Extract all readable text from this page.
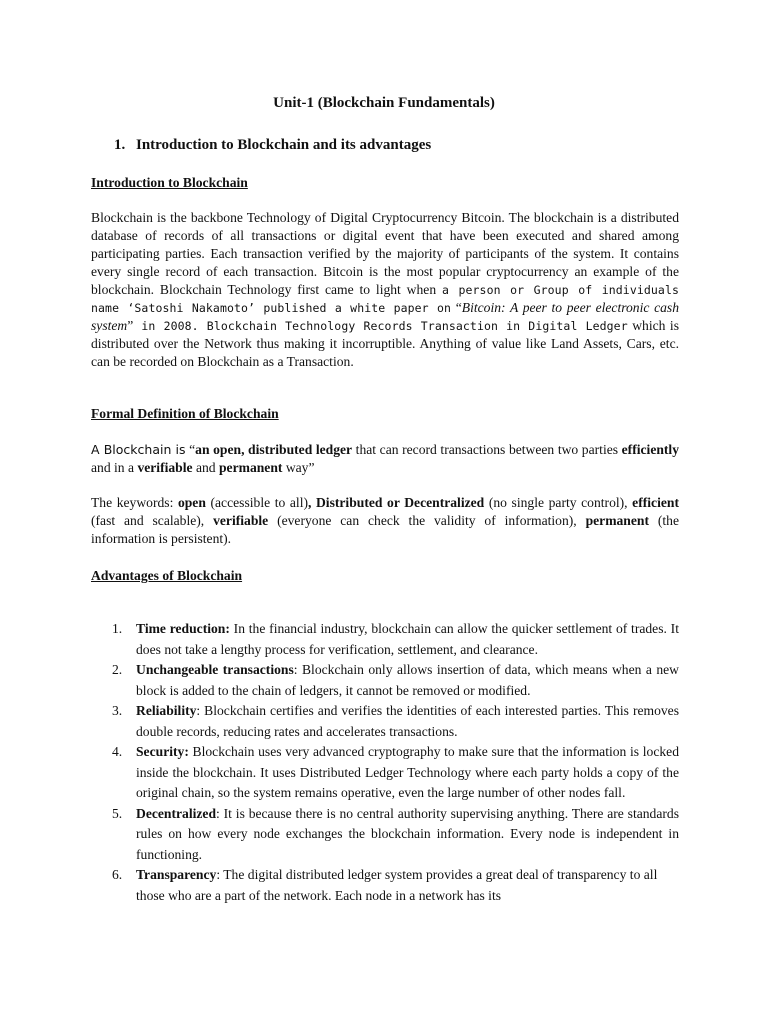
Unit-1 (Blockchain Fundamentals)
1. Introduction to Blockchain and its advantages
Introduction to Blockchain

Blockchain is the backbone Technology of Digital Cryptocurrency Bitcoin. The blockchain is a distributed database of records of all transactions or digital event that have been executed and shared among participating parties. Each transaction verified by the majority of participants of the system. It contains every single record of each transaction. Bitcoin is the most popular cryptocurrency an example of the blockchain. Blockchain Technology first came to light when a person or Group of individuals name ‘Satoshi Nakamoto’ published a white paper on “Bitcoin: A peer to peer electronic cash system” in 2008. Blockchain Technology Records Transaction in Digital Ledger which is distributed over the Network thus making it incorruptible. Anything of value like Land Assets, Cars, etc. can be recorded on Blockchain as a Transaction.

Formal Definition of Blockchain

A Blockchain is “an open, distributed ledger that can record transactions between two parties efficiently and in a verifiable and permanent way”

The keywords: open (accessible to all), Distributed or Decentralized (no single party control), efficient (fast and scalable), verifiable (everyone can check the validity of information), permanent (the information is persistent).

Advantages of Blockchain
1. Time reduction: In the financial industry, blockchain can allow the quicker settlement of trades. It does not take a lengthy process for verification, settlement, and clearance.
2. Unchangeable transactions: Blockchain only allows insertion of data, which means when a new block is added to the chain of ledgers, it cannot be removed or modified.
3. Reliability: Blockchain certifies and verifies the identities of each interested parties. This removes double records, reducing rates and accelerates transactions.
4. Security: Blockchain uses very advanced cryptography to make sure that the information is locked inside the blockchain. It uses Distributed Ledger Technology where each party holds a copy of the original chain, so the system remains operative, even the large number of other nodes fall.
5. Decentralized: It is because there is no central authority supervising anything. There are standards rules on how every node exchanges the blockchain information. Every node is independent in functioning.
6. Transparency: The digital distributed ledger system provides a great deal of transparency to all those who are a part of the network. Each node in a network has its
